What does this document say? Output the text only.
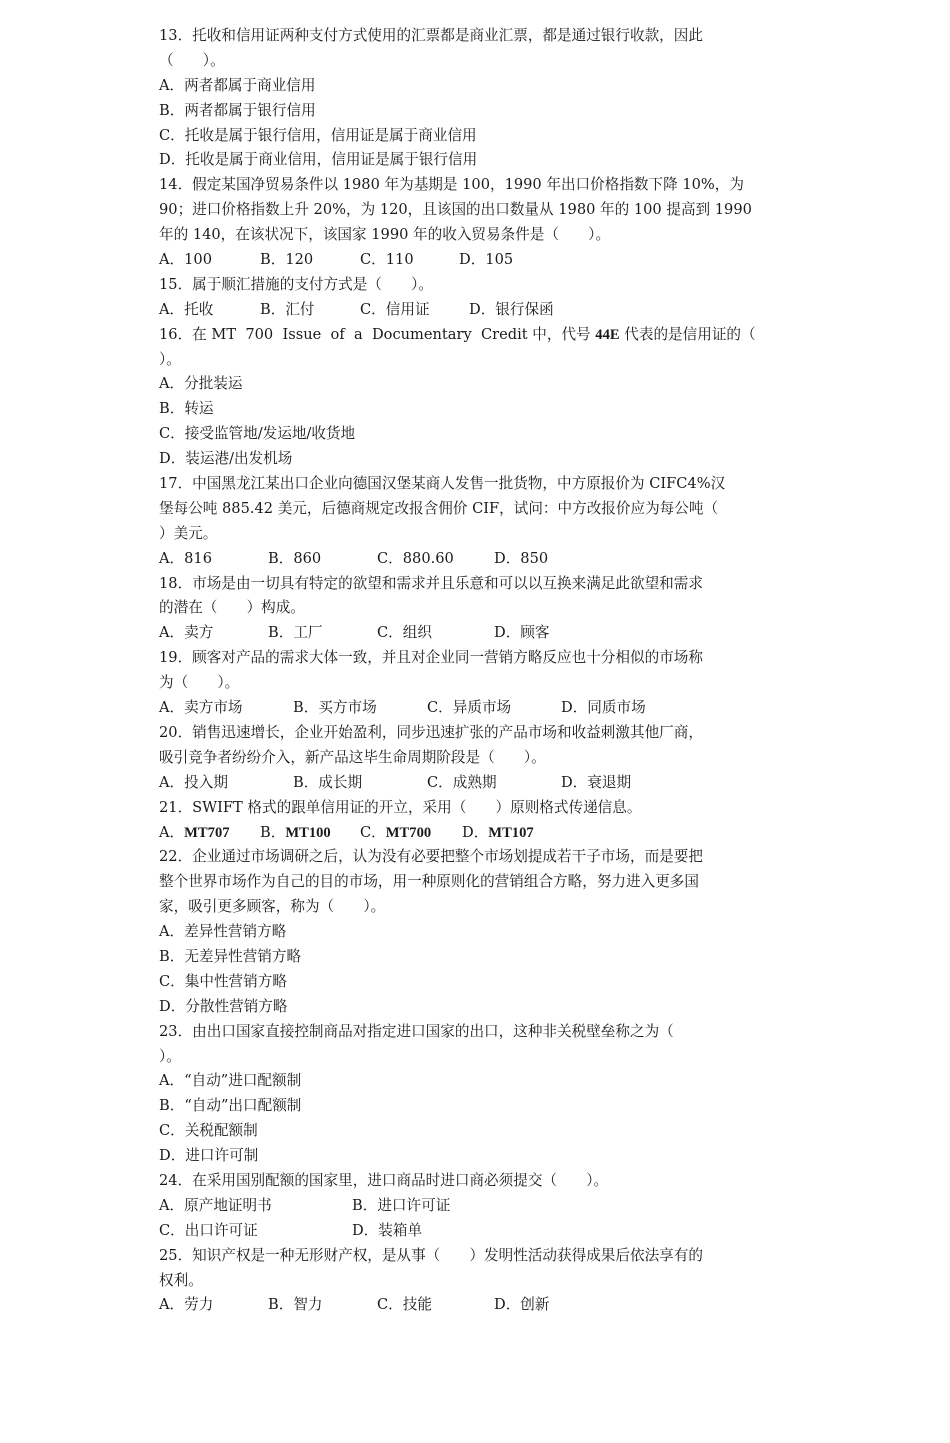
13．托收和信用证两种支付方式使用的汇票都是商业汇票，都是通过银行收款，因此
（　　）。
A．两者都属于商业信用
B．两者都属于银行信用
C．托收是属于银行信用，信用证是属于商业信用
D．托收是属于商业信用，信用证是属于银行信用
14．假定某国净贸易条件以 1980 年为基期是 100，1990 年出口价格指数下降 10%，为
90；进口价格指数上升 20%，为 120，且该国的出口数量从 1980 年的 100 提高到 1990
年的 140，在该状况下，该国家 1990 年的收入贸易条件是（　　）。

A．100

	B．120

	C．110

	D．105

15．属于顺汇措施的支付方式是（　　）。

A．托收

	B．汇付

	C．信用证

	D．银行保函

16．在 MT  700  Issue  of  a  Documentary  Credit 中，代号 44E 代表的是信用证的（
）。
A．分批装运
B．转运
C．接受监管地/发运地/收货地
D．装运港/出发机场
17．中国黑龙江某出口企业向德国汉堡某商人发售一批货物，中方原报价为 CIFC4%汉
堡每公吨 885.42 美元，后德商规定改报含佣价 CIF，试问：中方改报价应为每公吨（
）美元。

A．816

	B．860

	C．880.60

	D．850

18．市场是由一切具有特定的欲望和需求并且乐意和可以以互换来满足此欲望和需求
的潜在（　　）构成。

A．卖方

	B．工厂

	C．组织

	D．顾客

19．顾客对产品的需求大体一致，并且对企业同一营销方略反应也十分相似的市场称
为（　　）。

A．卖方市场

	B．买方市场

	C．异质市场

	D．同质市场

20．销售迅速增长，企业开始盈利，同步迅速扩张的产品市场和收益刺激其他厂商，
吸引竞争者纷纷介入，新产品这毕生命周期阶段是（　　）。

A．投入期

	B．成长期

	C．成熟期

	D．衰退期

21．SWIFT 格式的跟单信用证的开立，采用（　　）原则格式传递信息。

A．MT707

B．MT100

C．MT700

D．MT107

22．企业通过市场调研之后，认为没有必要把整个市场划提成若干子市场，而是要把
整个世界市场作为自己的目的市场，用一种原则化的营销组合方略，努力进入更多国
家，吸引更多顾客，称为（　　）。
A．差异性营销方略
B．无差异性营销方略
C．集中性营销方略
D．分散性营销方略
23．由出口国家直接控制商品对指定进口国家的出口，这种非关税壁垒称之为（
）。
A．“自动”进口配额制
B．“自动”出口配额制
C．关税配额制
D．进口许可制
24．在采用国别配额的国家里，进口商品时进口商必须提交（　　）。

A．原产地证明书

	B．进口许可证

C．出口许可证

	D．装箱单

25．知识产权是一种无形财产权，是从事（　　）发明性活动获得成果后依法享有的
权利。

A．劳力

	B．智力

	C．技能

	D．创新
